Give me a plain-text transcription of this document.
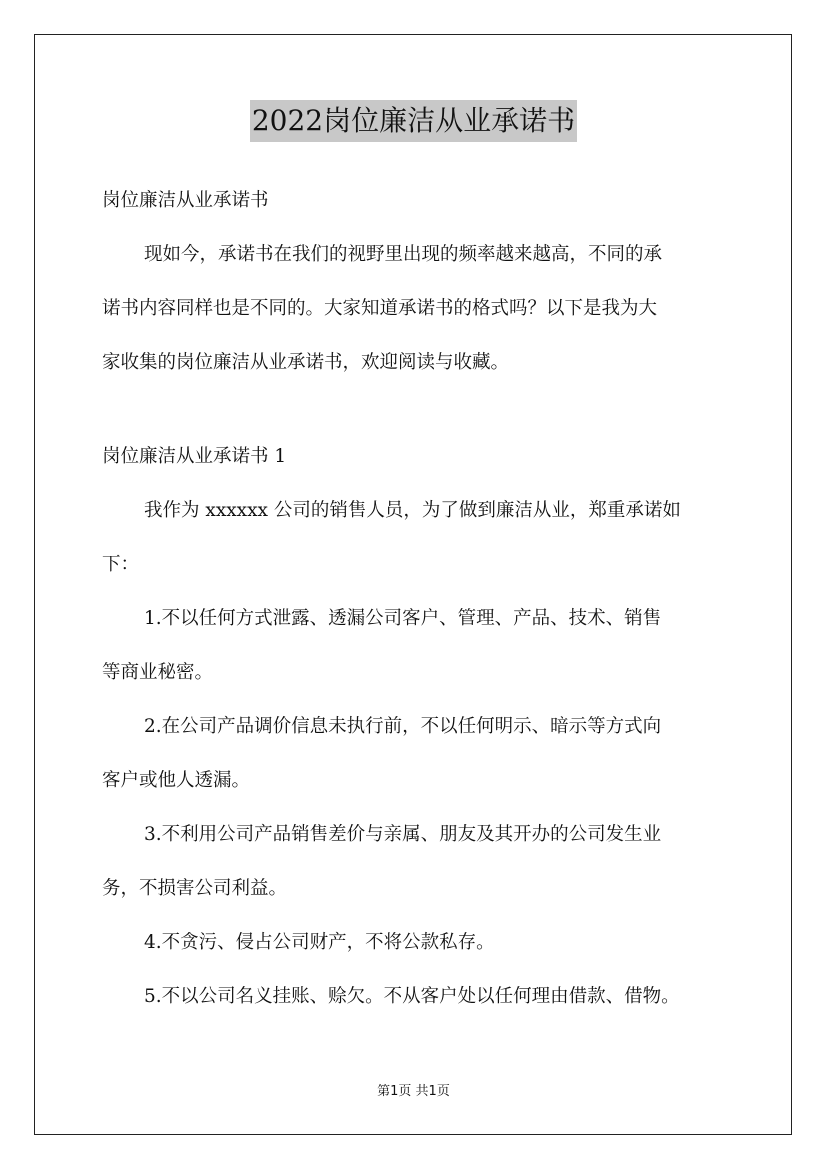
2022岗位廉洁从业承诺书
岗位廉洁从业承诺书
现如今，承诺书在我们的视野里出现的频率越来越高，不同的承
诺书内容同样也是不同的。大家知道承诺书的格式吗？以下是我为大
家收集的岗位廉洁从业承诺书，欢迎阅读与收藏。
岗位廉洁从业承诺书 1
我作为 xxxxxx 公司的销售人员，为了做到廉洁从业，郑重承诺如
下：
1.不以任何方式泄露、透漏公司客户、管理、产品、技术、销售
等商业秘密。
2.在公司产品调价信息未执行前，不以任何明示、暗示等方式向
客户或他人透漏。
3.不利用公司产品销售差价与亲属、朋友及其开办的公司发生业
务，不损害公司利益。
4.不贪污、侵占公司财产，不将公款私存。
5.不以公司名义挂账、赊欠。不从客户处以任何理由借款、借物。
第1页 共1页
